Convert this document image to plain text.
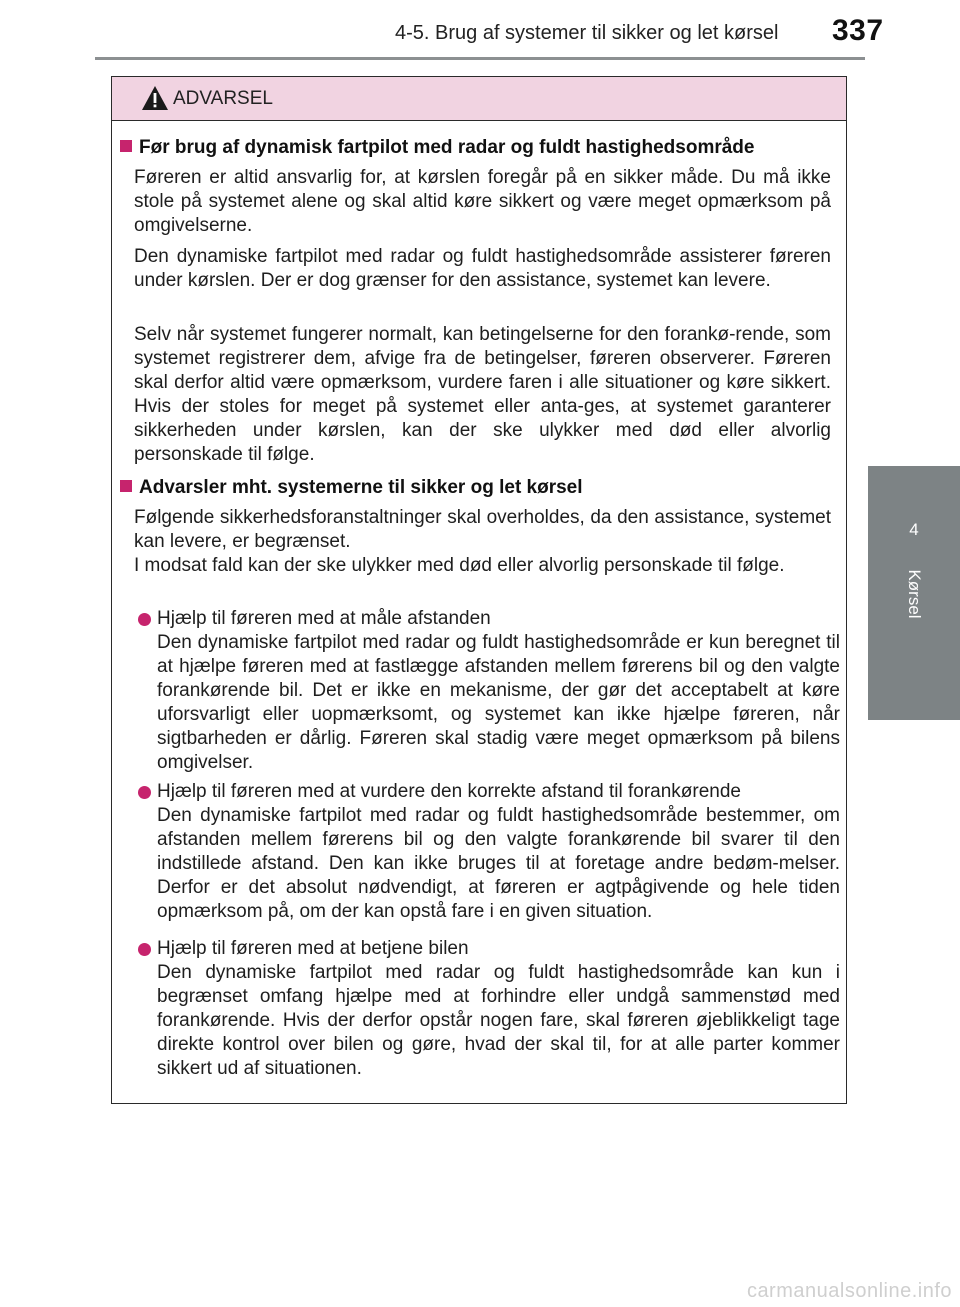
4-5. Brug af systemer til sikker og let kørsel 337
4
Kørsel
ADVARSEL
Før brug af dynamisk fartpilot med radar og fuldt hastighedsområde
Føreren er altid ansvarlig for, at kørslen foregår på en sikker måde. Du må ikke stole på systemet alene og skal altid køre sikkert og være meget opmærksom på omgivelserne.
Den dynamiske fartpilot med radar og fuldt hastighedsområde assisterer føreren under kørslen. Der er dog grænser for den assistance, systemet kan levere.
Selv når systemet fungerer normalt, kan betingelserne for den forankø-rende, som systemet registrerer dem, afvige fra de betingelser, føreren observerer. Føreren skal derfor altid være opmærksom, vurdere faren i alle situationer og køre sikkert. Hvis der stoles for meget på systemet eller anta-ges, at systemet garanterer sikkerheden under kørslen, kan der ske ulykker med død eller alvorlig personskade til følge.
Advarsler mht. systemerne til sikker og let kørsel
Følgende sikkerhedsforanstaltninger skal overholdes, da den assistance, systemet kan levere, er begrænset.
I modsat fald kan der ske ulykker med død eller alvorlig personskade til følge.
Hjælp til føreren med at måle afstanden
Den dynamiske fartpilot med radar og fuldt hastighedsområde er kun beregnet til at hjælpe føreren med at fastlægge afstanden mellem førerens bil og den valgte forankørende bil. Det er ikke en mekanisme, der gør det acceptabelt at køre uforsvarligt eller uopmærksomt, og systemet kan ikke hjælpe føreren, når sigtbarheden er dårlig. Føreren skal stadig være meget opmærksom på bilens omgivelser.
Hjælp til føreren med at vurdere den korrekte afstand til forankørende
Den dynamiske fartpilot med radar og fuldt hastighedsområde bestemmer, om afstanden mellem førerens bil og den valgte forankørende bil svarer til den indstillede afstand. Den kan ikke bruges til at foretage andre bedøm-melser. Derfor er det absolut nødvendigt, at føreren er agtpågivende og hele tiden opmærksom på, om der kan opstå fare i en given situation.
Hjælp til føreren med at betjene bilen
Den dynamiske fartpilot med radar og fuldt hastighedsområde kan kun i begrænset omfang hjælpe med at forhindre eller undgå sammenstød med forankørende. Hvis der derfor opstår nogen fare, skal føreren øjeblikkeligt tage direkte kontrol over bilen og gøre, hvad der skal til, for at alle parter kommer sikkert ud af situationen.
carmanualsonline.info
